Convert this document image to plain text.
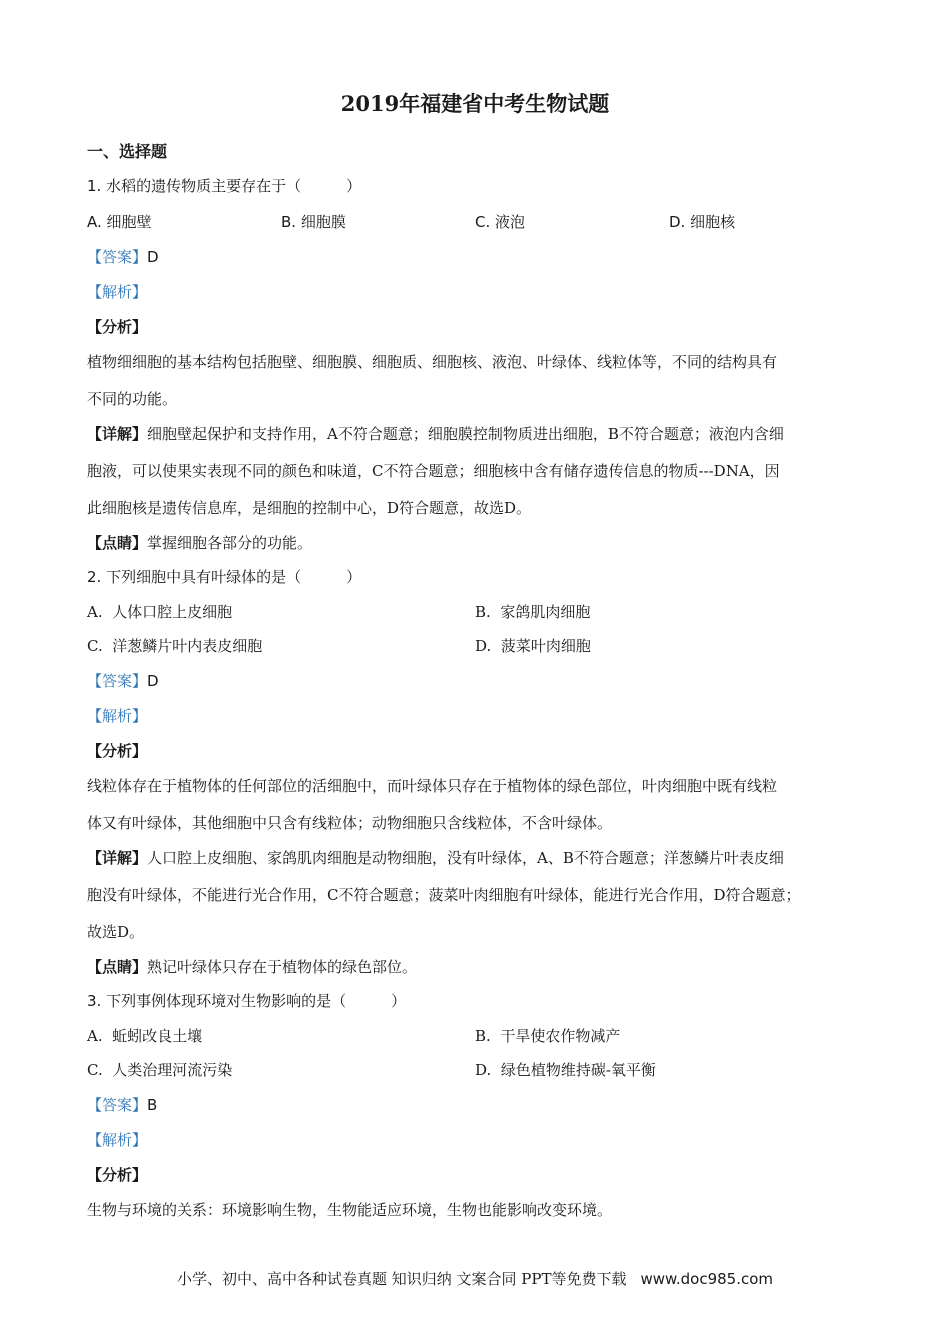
2019年福建省中考生物试题
一、选择题
1. 水稻的遗传物质主要存在于（　　　）
A. 细胞壁	B. 细胞膜	C. 液泡	D. 细胞核
【答案】D
【解析】
【分析】
植物细细胞的基本结构包括胞壁、细胞膜、细胞质、细胞核、液泡、叶绿体、线粒体等，不同的结构具有
不同的功能。
【详解】细胞壁起保护和支持作用，A不符合题意；细胞膜控制物质进出细胞，B不符合题意；液泡内含细
胞液，可以使果实表现不同的颜色和味道，C不符合题意；细胞核中含有储存遗传信息的物质---DNA，因
此细胞核是遗传信息库，是细胞的控制中心，D符合题意，故选D。
【点睛】掌握细胞各部分的功能。
2. 下列细胞中具有叶绿体的是（　　　）
A. 人体口腔上皮细胞	B. 家鸽肌肉细胞
C. 洋葱鳞片叶内表皮细胞	D. 菠菜叶肉细胞
【答案】D
【解析】
【分析】
线粒体存在于植物体的任何部位的活细胞中，而叶绿体只存在于植物体的绿色部位，叶肉细胞中既有线粒
体又有叶绿体，其他细胞中只含有线粒体；动物细胞只含线粒体，不含叶绿体。
【详解】人口腔上皮细胞、家鸽肌肉细胞是动物细胞，没有叶绿体，A、B不符合题意；洋葱鳞片叶表皮细
胞没有叶绿体，不能进行光合作用，C不符合题意；菠菜叶肉细胞有叶绿体，能进行光合作用，D符合题意；
故选D。
【点睛】熟记叶绿体只存在于植物体的绿色部位。
3. 下列事例体现环境对生物影响的是（　　　）
A. 蚯蚓改良土壤	B. 干旱使农作物减产
C. 人类治理河流污染	D. 绿色植物维持碳-氧平衡
【答案】B
【解析】
【分析】
生物与环境的关系：环境影响生物，生物能适应环境，生物也能影响改变环境。
小学、初中、高中各种试卷真题 知识归纳 文案合同 PPT等免费下载 www.doc985.com
